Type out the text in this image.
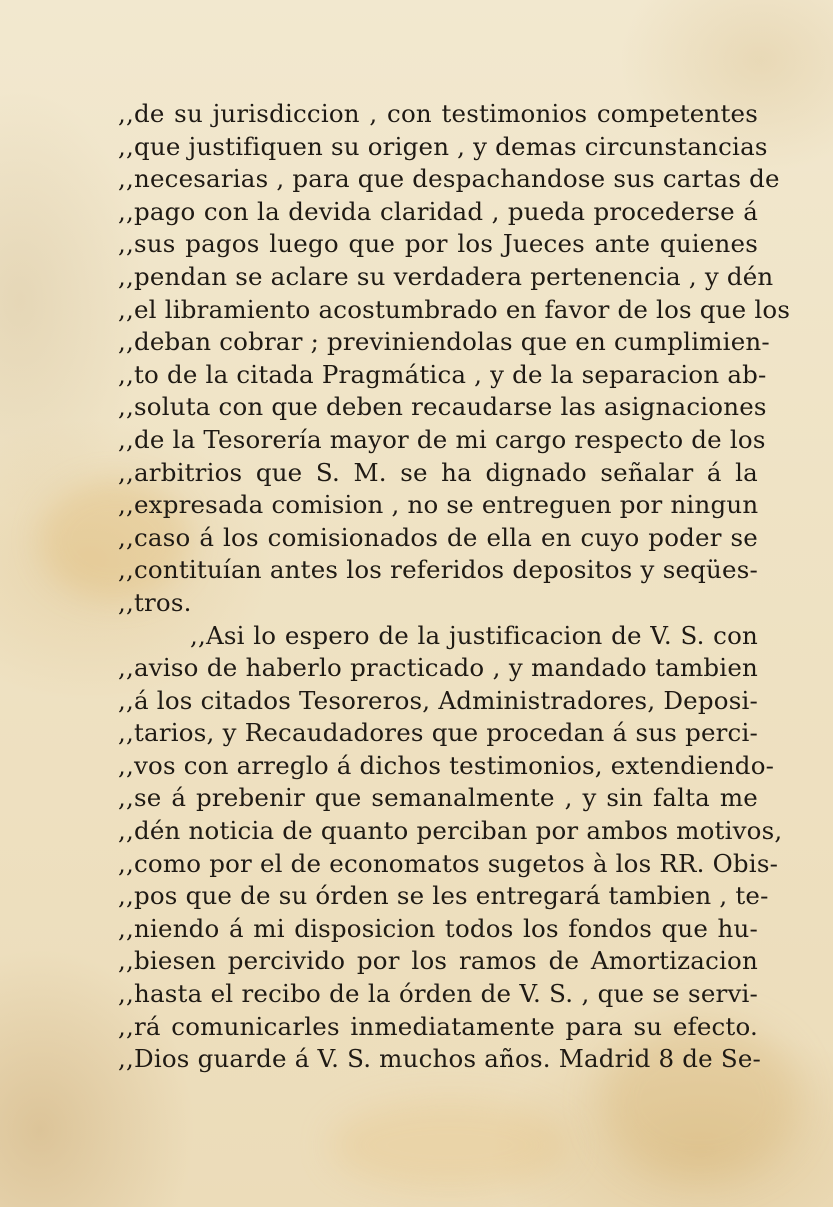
,,de su jurisdiccion , con testimonios competentes
,,que justifiquen su origen , y demas circunstancias
,,necesarias , para que despachandose sus cartas de
,,pago con la devida claridad , pueda procederse á
,,sus pagos luego que por los Jueces ante quienes
,,pendan se aclare su verdadera pertenencia , y dén
,,el libramiento acostumbrado en favor de los que los
,,deban cobrar ; previniendolas que en cumplimien-
,,to de la citada Pragmática , y de la separacion ab-
,,soluta con que deben recaudarse las asignaciones
,,de la Tesorería mayor de mi cargo respecto de los
,,arbitrios que S. M. se ha dignado señalar á la
,,expresada comision , no se entreguen por ningun
,,caso á los comisionados de ella en cuyo poder se
,,contituían antes los referidos depositos y seqües-
,,tros.
,,Asi lo espero de la justificacion de V. S. con
,,aviso de haberlo practicado , y mandado tambien
,,á los citados Tesoreros, Administradores, Deposi-
,,tarios, y Recaudadores que procedan á sus perci-
,,vos con arreglo á dichos testimonios, extendiendo-
,,se á prebenir que semanalmente , y sin falta me
,,dén noticia de quanto perciban por ambos motivos,
,,como por el de economatos sugetos à los RR. Obis-
,,pos que de su órden se les entregará tambien , te-
,,niendo á mi disposicion todos los fondos que hu-
,,biesen percivido por los ramos de Amortizacion
,,hasta el recibo de la órden de V. S. , que se servi-
,,rá comunicarles inmediatamente para su efecto.
,,Dios guarde á V. S. muchos años. Madrid 8 de Se-
